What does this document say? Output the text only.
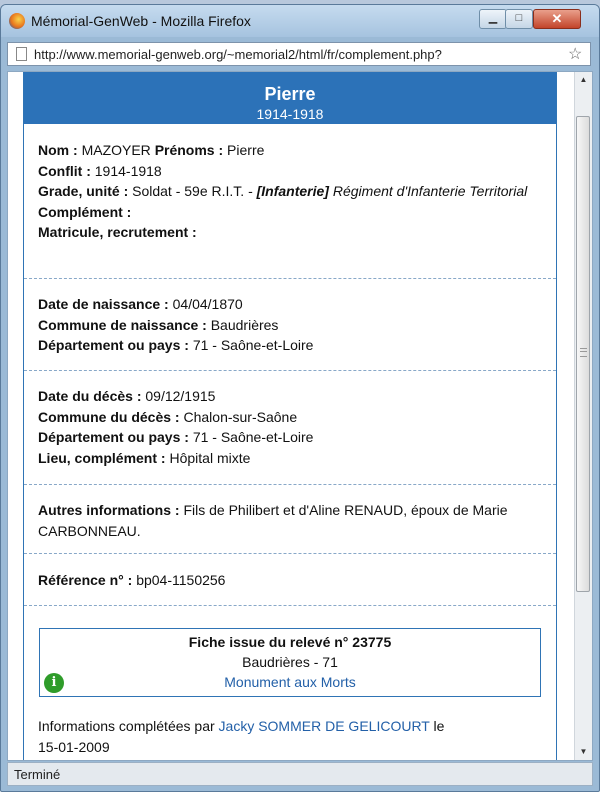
Mémorial-GenWeb - Mozilla Firefox	▁	□	✕
http://www.memorial-genweb.org/~memorial2/html/fr/complement.php?	☆
Pierre
1914-1918
Nom : MAZOYER Prénoms : Pierre
Conflit : 1914-1918
Grade, unité : Soldat - 59e R.I.T. - [Infanterie] Régiment d'Infanterie Territorial
Complément :
Matricule, recrutement :
Date de naissance : 04/04/1870
Commune de naissance : Baudrières
Département ou pays : 71 - Saône-et-Loire
Date du décès : 09/12/1915
Commune du décès : Chalon-sur-Saône
Département ou pays : 71 - Saône-et-Loire
Lieu, complément : Hôpital mixte
Autres informations : Fils de Philibert et d'Aline RENAUD, époux de Marie CARBONNEAU.
Référence n° : bp04-1150256
Fiche issue du relevé n° 23775
Baudrières - 71
Monument aux Morts
i
Informations complétées par Jacky SOMMER DE GELICOURT le
15-01-2009
▲
▼
Terminé
